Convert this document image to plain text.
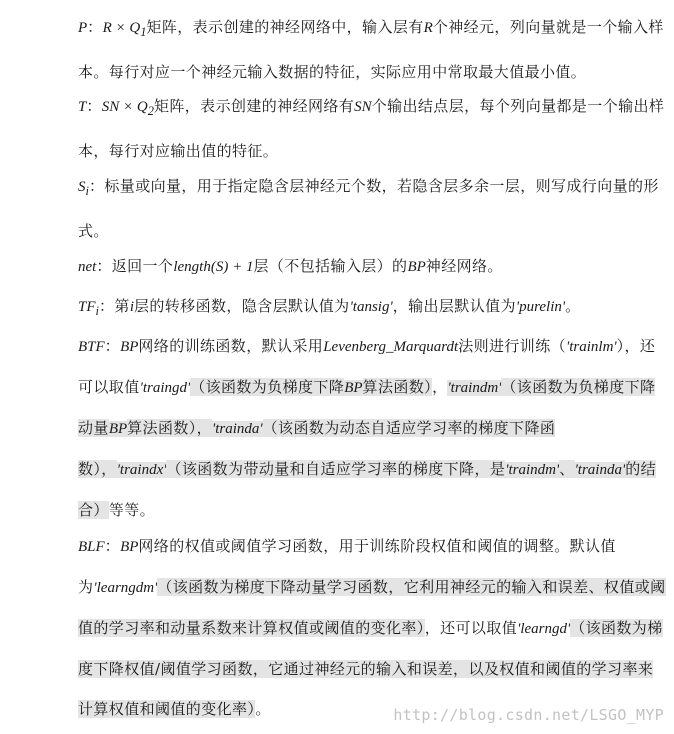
P：$R \times Q_1$矩阵，表示创建的神经网络中，输入层有R个神经元，列向量就是一个输入样本。每行对应一个神经元输入数据的特征，实际应用中常取最大值最小值。

T：SN × $Q_2$矩阵，表示创建的神经网络有SN个输出结点层，每个列向量都是一个输出样本，每行对应输出值的特征。

$S_i$：标量或向量，用于指定隐含层神经元个数，若隐含层多余一层，则写成行向量的形式。

net：返回一个length(S) + 1层（不包括输入层）的BP神经网络。

$TF_i$：第i层的转移函数，隐含层默认值为'tansig'，输出层默认值为'purelin'。

BTF：BP网络的训练函数，默认采用Levenberg_Marquardt法则进行训练（'trainlm'），还可以取值'traingd'（该函数为负梯度下降BP算法函数），'traindm'（该函数为负梯度下降动量BP算法函数），'trainda'（该函数为动态自适应学习率的梯度下降函数），'traindx'（该函数为带动量和自适应学习率的梯度下降，是'traindm'、'trainda'的结合）等等。

BLF：BP网络的权值或阈值学习函数，用于训练阶段权值和阈值的调整。默认值为'learngdm'（该函数为梯度下降动量学习函数，它利用神经元的输入和误差、权值或阈值的学习率和动量系数来计算权值或阈值的变化率），还可以取值'learngd'（该函数为梯度下降权值/阈值学习函数，它通过神经元的输入和误差，以及权值和阈值的学习率来计算权值和阈值的变化率）。	http://blog.csdn.net/LSGO_MYP
